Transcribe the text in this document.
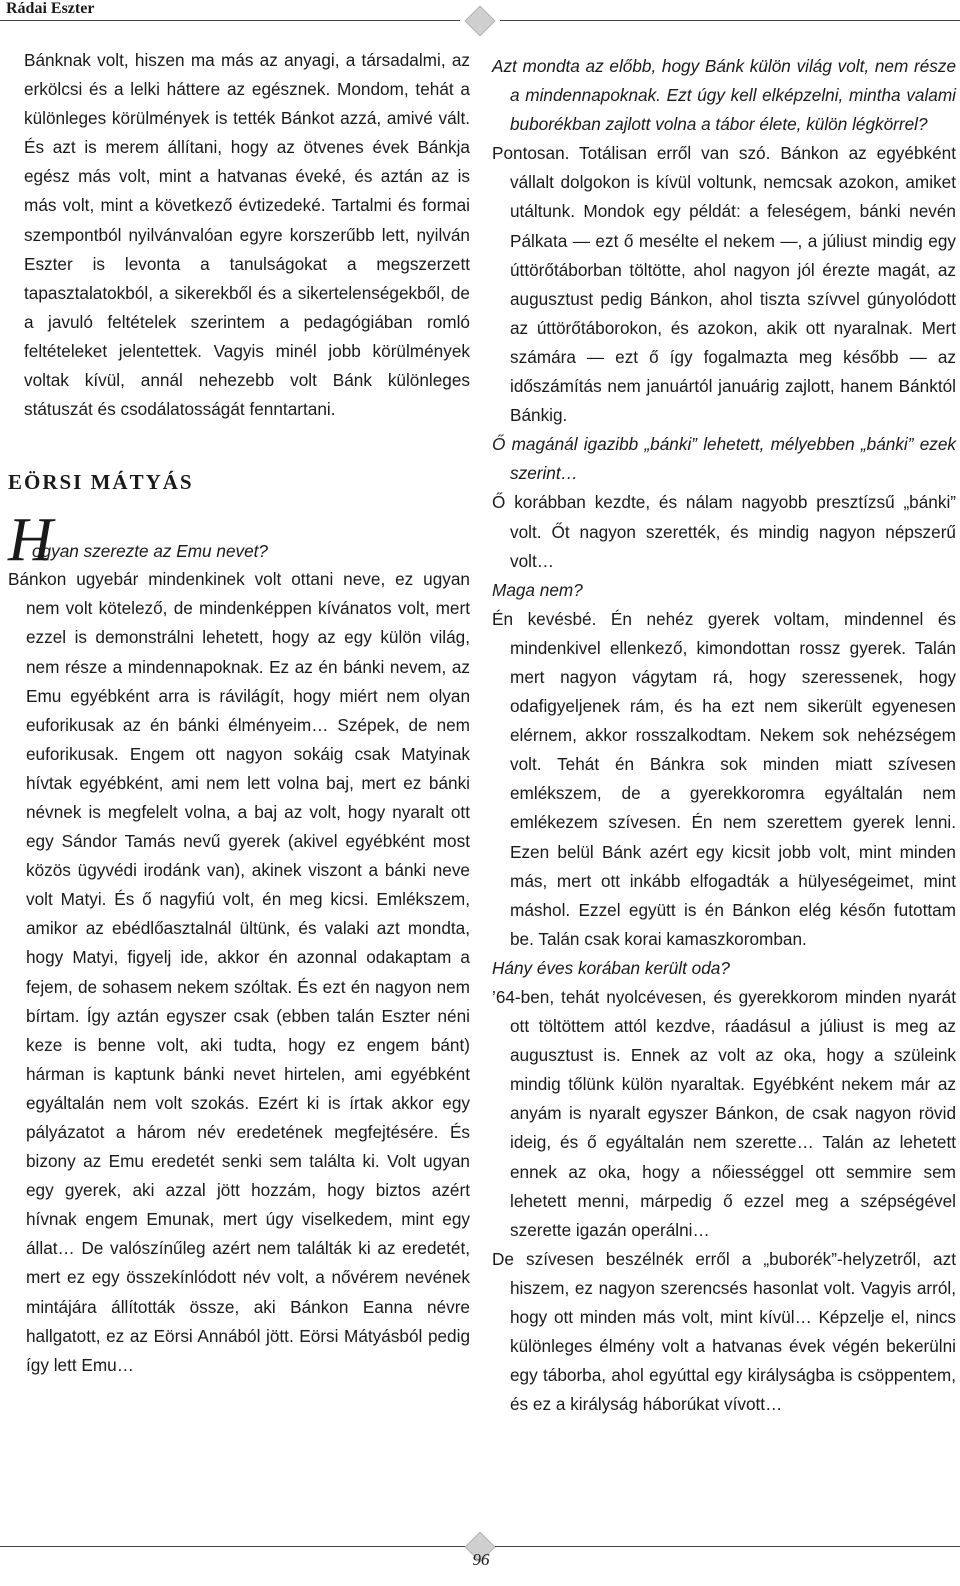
Rádai Eszter

Bánknak volt, hiszen ma más az anyagi, a társadalmi, az erkölcsi és a lelki háttere az egésznek. Mondom, tehát a különleges körülmények is tették Bánkot azzá, amivé vált. És azt is merem állítani, hogy az ötvenes évek Bánkja egész más volt, mint a hatvanas éveké, és aztán az is más volt, mint a következő évtizedeké. Tartalmi és formai szempontból nyilvánvalóan egyre korszerűbb lett, nyilván Eszter is levonta a tanulságokat a megszerzett tapasztalatokból, a sikerekből és a sikertelenségekből, de a javuló feltételek szerintem a pedagógiában romló feltételeket jelentettek. Vagyis minél jobb körülmények voltak kívül, annál nehezebb volt Bánk különleges státuszát és csodálatosságát fenntartani.

EÖRSI MÁTYÁS
H
ogyan szerezte az Emu nevet?

Bánkon ugyebár mindenkinek volt ottani neve, ez ugyan nem volt kötelező, de mindenképpen kívánatos volt, mert ezzel is demonstrálni lehetett, hogy az egy külön világ, nem része a mindennapoknak. Ez az én bánki nevem, az Emu egyébként arra is rávilágít, hogy miért nem olyan euforikusak az én bánki élményeim… Szépek, de nem euforikusak. Engem ott nagyon sokáig csak Matyinak hívtak egyébként, ami nem lett volna baj, mert ez bánki névnek is megfelelt volna, a baj az volt, hogy nyaralt ott egy Sándor Tamás nevű gyerek (akivel egyébként most közös ügyvédi irodánk van), akinek viszont a bánki neve volt Matyi. És ő nagyfiú volt, én meg kicsi. Emlékszem, amikor az ebédlőasztalnál ültünk, és valaki azt mondta, hogy Matyi, figyelj ide, akkor én azonnal odakaptam a fejem, de sohasem nekem szóltak. És ezt én nagyon nem bírtam. Így aztán egyszer csak (ebben talán Eszter néni keze is benne volt, aki tudta, hogy ez engem bánt) hárman is kaptunk bánki nevet hirtelen, ami egyébként egyáltalán nem volt szokás. Ezért ki is írtak akkor egy pályázatot a három név eredetének megfejtésére. És bizony az Emu eredetét senki sem találta ki. Volt ugyan egy gyerek, aki azzal jött hozzám, hogy biztos azért hívnak engem Emunak, mert úgy viselkedem, mint egy állat… De valószínűleg azért nem találták ki az eredetét, mert ez egy összekínlódott név volt, a nővérem nevének mintájára állították össze, aki Bánkon Eanna névre hallgatott, ez az Eörsi Annából jött. Eörsi Mátyásból pedig így lett Emu…

Azt mondta az előbb, hogy Bánk külön világ volt, nem része a mindennapoknak. Ezt úgy kell elképzelni, mintha valami buborékban zajlott volna a tábor élete, külön légkörrel?

Pontosan. Totálisan erről van szó. Bánkon az egyébként vállalt dolgokon is kívül voltunk, nemcsak azokon, amiket utáltunk. Mondok egy példát: a feleségem, bánki nevén Pálkata — ezt ő mesélte el nekem —, a júliust mindig egy úttörőtáborban töltötte, ahol nagyon jól érezte magát, az augusztust pedig Bánkon, ahol tiszta szívvel gúnyolódott az úttörőtáborokon, és azokon, akik ott nyaralnak. Mert számára — ezt ő így fogalmazta meg később — az időszámítás nem januártól januárig zajlott, hanem Bánktól Bánkig.

Ő magánál igazibb „bánki” lehetett, mélyebben „bánki” ezek szerint…

Ő korábban kezdte, és nálam nagyobb presztízsű „bánki” volt. Őt nagyon szerették, és mindig nagyon népszerű volt…

Maga nem?

Én kevésbé. Én nehéz gyerek voltam, mindennel és mindenkivel ellenkező, kimondottan rossz gyerek. Talán mert nagyon vágytam rá, hogy szeressenek, hogy odafigyeljenek rám, és ha ezt nem sikerült egyenesen elérnem, akkor rosszalkodtam. Nekem sok nehézségem volt. Tehát én Bánkra sok minden miatt szívesen emlékszem, de a gyerekkoromra egyáltalán nem emlékezem szívesen. Én nem szerettem gyerek lenni. Ezen belül Bánk azért egy kicsit jobb volt, mint minden más, mert ott inkább elfogadták a hülyeségeimet, mint máshol. Ezzel együtt is én Bánkon elég későn futottam be. Talán csak korai kamaszkoromban.

Hány éves korában került oda?

’64-ben, tehát nyolcévesen, és gyerekkorom minden nyarát ott töltöttem attól kezdve, ráadásul a júliust is meg az augusztust is. Ennek az volt az oka, hogy a szüleink mindig tőlünk külön nyaraltak. Egyébként nekem már az anyám is nyaralt egyszer Bánkon, de csak nagyon rövid ideig, és ő egyáltalán nem szerette… Talán az lehetett ennek az oka, hogy a nőiességgel ott semmire sem lehetett menni, márpedig ő ezzel meg a szépségével szerette igazán operálni…

De szívesen beszélnék erről a „buborék”-helyzetről, azt hiszem, ez nagyon szerencsés hasonlat volt. Vagyis arról, hogy ott minden más volt, mint kívül… Képzelje el, nincs különleges élmény volt a hatvanas évek végén bekerülni egy táborba, ahol egyúttal egy királyságba is csöppentem, és ez a királyság háborúkat vívott…

96
